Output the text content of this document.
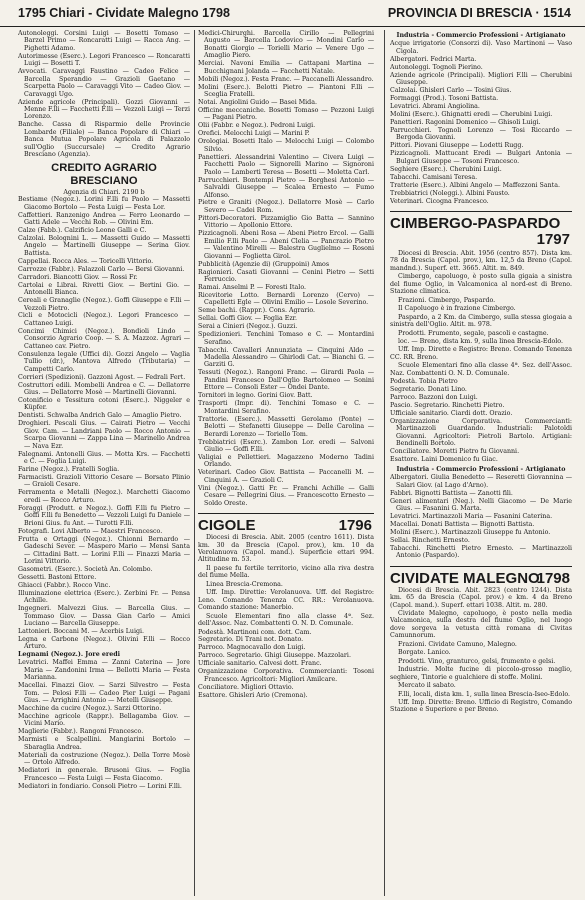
1795 Chiari - Cividate Malegno 1798	PROVINCIA DI BRESCIA · 1514

Autonoleggi. Corsini Luigi — Bosetti Tomaso — Barzel Primo — Roncaratti Luigi — Racca Ang. — Pighetti Adamo.

Autorimesse (Eserc.). Legori Francesco — Roncaratti Luigi — Bosetti T.

Avvocati. Caravaggi Faustino — Cadeo Felice — Barcella Sperandio — Grazioli Gaetano — Scarpetta Paolo — Caravaggi Vito — Cadeo Giov. — Caravaggi Ugo.

Aziende agricole (Principali). Gozzi Giovanni — Menne F.lli — Facchetti F.lli — Vezzoli Luigi — Terzi Lorenzo.

Banche. Cassa di Risparmio delle Provincie Lombarde (Filiale) — Banca Popolare di Chiari — Banca Mutua Popolare Agricola di Palazzolo sull'Oglio (Succursale) — Credito Agrario Bresciano (Agenzia).

CREDITO AGRARIO BRESCIANO

Agenzia di Chiari. 2190 b

Bestiame (Negoz.). Lorini F.lli fu Paolo — Massetti Giacomo Bortolo — Festa Luigi — Festa Lor.

Caffettieri. Ranzenigo Andrea — Ferro Leonardo — Gatti Adele — Vecchi Rob. — Olivini Em.

Calze (Fabb.). Calzificio Leone Galli e C.

Calzolai. Bolognini L. — Massetti Guido — Massetti Angelo — Martinelli Giuseppe — Serina Giov. Battista.

Cappellai. Rocca Ales. — Toricelli Vittorio.

Carrozze (Fabbr.). Falazzoli Carlo — Bersi Giovanni.

Carradori. Biancotti Giov. — Rossi Fr.

Cartolai e Librai. Rivetti Giov. — Bertini Gio. — Antonelli Bianca.

Cereali e Granaglie (Negoz.). Goffi Giuseppe e F.lli — Vezzoli Pietro.

Cicli e Motocicli (Negoz.). Legori Francesco — Cattaneo Luigi.

Concimi Chimici (Negoz.). Bondioli Lindo — Consorzio Agrario Coop. — S. A. Mazzoz. Agrari — Cattaneo cav. Pietro.

Consulenza legale (Uffici di). Gozzi Angelo — Vaglia Tullio (dr.), Mantova Alfredo (Tributaria) — Campetti Carlo.

Corrieri (Spedizioni). Gazzoni Agost. — Fedrali Fert.

Costruttori edili. Mombelli Andrea e C. — Dellatorre Gius. — Dellatorre Mosè — Martinelli Giovanni.

Cotonificio e Tessitura cotoni (Eserc.). Niggeler e Küpfer.

Dentisti. Schwalba Andrich Galo — Amaglio Pietro.

Droghieri. Pescali Gius. — Cairati Pietro — Vecchi Giov. Cam. — Landriani Paolo — Rocco Antonio — Scarpa Giovanni — Zappa Lina — Marinello Andrea — Nava Ezr.

Falegnami. Antonelli Gius. — Motta Krs. — Facchetti e C. — Foglia Luigi.

Farine (Negoz.). Fratelli Soglia.

Farmacisti. Grazioli Vittorio Cesare — Borsato Plinio — Graioli Cesare.

Ferramenta e Metalli (Negoz.). Marchetti Giacomo eredi — Rocco Arturo.

Foraggi (Produtt. e Negoz.). Goffi F.lli fu Pietro — Goffi F.lli fu Benedetto — Vezzoli Luigi fu Daniele — Brioni Gius. fu Ant. — Turotti F.lli.

Fotografi. Lovi Alberto — Maestri Francesco.

Frutta e Ortaggi (Negoz.). Chionni Bernardo — Gadeschi Sever. — Maspero Mario — Mensi Santa — Cittadini Batt. — Lorini F.lli — Finazzi Maria — Lorini Vittorio.

Gasometri. (Eserc.). Società An. Colombo.

Gessetti. Bastoni Ettore.

Ghiacci (Fabbr.). Rocco Vinc.

Illuminazione elettrica (Eserc.). Zerbini Fr. — Pensa Achille.

Ingegneri. Malvezzi Gius. — Barcella Gius. — Tommaso Giov. — Dassa Gian Carlo — Amici Luciano — Barcella Giuseppe.

Lattonieri. Boccani M. — Acerbis Luigi.

Legna e Carbone (Negoz.). Olivini F.lli — Rocco Arturo.

Legnami (Negoz.). Jore eredi

Levatrici. Maffei Emma — Zanni Caterina — Jore Maria — Zandonini Irma — Bellotti Maria — Festa Marianna.

Macellai. Finazzi Giov. — Sarzi Silvestro — Festa Tom. — Pelosi F.lli — Cadeo Pier Luigi — Pagani Gius. — Arrighini Antonio — Metelli Giuseppe.

Macchine da cucire (Negoz.). Sarzi Ottorino.

Macchine agricole (Rappr.). Bellagamba Giov. — Vicini Mario.

Maglierie (Fabbr.). Rangoni Francesco.

Marmisti e Scalpellini. Mangiarini Bortolo — Sbaraglia Andrea.

Materiali da costruzione (Negoz.). Della Torre Mosè — Ortolo Alfredo.

Mediatori in generale. Brusoni Gius. — Foglia Francesco — Festa Luigi — Festa Giacomo.

Mediatori in fondiario. Consoli Pietro — Lorini F.lli.

Medici-Chirurghi. Barcella Cirillo — Pellegrini Augusto — Barcella Lodovico — Mondini Carlo — Bonatti Giorgio — Torielli Mario — Venere Ugo — Amaglio Piero.

Merciai. Navoni Emilia — Cattapani Martina — Bucchignani Jolanda — Facchetti Natale.

Mobili (Negoz.). Festa Franc. — Paccanelli Alessandro.

Molini (Eserc.). Belotti Pietro — Piantoni F.lli — Sceglia Fratelli.

Notai. Angiolini Guido — Basei Mida.

Officine meccaniche. Bosetti Tomaso — Pezzoni Luigi — Pagani Pietro.

Olii (Fabbr. e Negoz.). Pedroni Luigi.

Orefici. Melocchi Luigi — Marini P.

Orologiai. Bosetti Italo — Melocchi Luigi — Colombo Silvio.

Panettieri. Alessandrini Valentino — Civera Luigi — Facchetti Paolo — Signorelli Marino — Signoroni Paolo — Lamberti Teresa — Bosetti — Moletta Carl.

Parrucchieri. Bontempi Pietro — Borghesi Antonio — Salvaldi Giuseppe — Scalea Ernesto — Fumo Alfonso.

Pietre e Graniti (Negoz.). Dellatorre Mosè — Carlo Severo — Cadei Rom.

Pittori-Decoratori. Pizzamiglio Gio Batta — Sannino Vittorio — Apollonio Ettore.

Pizzicagnoli. Abeni Rosa — Abeni Pietro Ercol. — Galli Emilio F.lli Paolo — Abeni Clelia — Pancrazio Pietro — Valentino Mirelli — Balestra Guglielmo — Rosoni Giovanni — Foglietta Girol.

Pubblicità (Agenzie di) (Gruppoini) Amos

Ragionieri. Casati Giovanni — Cenini Pietro — Setti Ferruccio.

Ramai. Anselmi P. — Foresti Italo.

Ricevitorie Lotto. Bernardi Lorenzo (Cervo) — Capelletti Egle — Olivini Emilio — Losole Severino.

Seme bachi. (Rappr.). Cons. Agrario.

Sellai. Goffi Giov. — Foglia Ezr.

Serai a Cinieri (Negoz.). Guzzi.

Spedizionieri. Tenchini Tomaso e C. — Montardini Serafino.

Tabacchi. Cavalleri Annunziata — Cinquini Aldo — Madella Alessandro — Ghirlodi Cat. — Bianchi G. — Garziti G.

Tessuti (Negoz.). Rangoni Franc. — Girardi Paola — Pandini Francesco Dall'Oglio Bartolomeo — Sonini Ettore — Consoli Ester — Ondei Dante.

Tornitori in legno. Gorini Giov. Batt.

Trasporti (Impr. di). Tenchini Tomaso e C. — Montardini Serafino.

Trattorie. (Eserc.). Massetti Gerolamo (Ponte) — Belotti — Stefanetti Giuseppe — Delle Carolina — Berardi Lorenzo — Toriello Tom.

Trebbiatrici (Eserc.). Zambon Lor. eredi — Salvoni Giulio — Goffi F.lli.

Valigiai e Pellettieri. Magazzeno Moderno Tadini Orlando.

Veterinari. Cadeo Giov. Battista — Paccanelli M. — Cinquini A. — Grazioli C.

Vini (Negoz.). Gatti Fr. — Franchi Achille — Galli Cesare — Pellegrini Gius. — Francescotto Ernesto — Soldo Oreste.

CIGOLE	1796

Diocesi di Brescia. Abit. 2005 (centro 1611). Dista km. 30 da Brescia (Capol. prov.), km. 10 da Verolanuova (Capol. mand.). Superficie ettari 994. Altitudine m. 53.

Il paese fu fertile territorio, vicino alla riva destra del fiume Mella.

Linea Brescia-Cremona.

Uff. Imp. Direttie: Verolanuova. Uff. del Registro: Leno. Comando Tenenza CC. RR.: Verolanuova. Comando stazione: Manerbio.

Scuole Elementari fino alla classe 4ª. Sez. dell'Assoc. Naz. Combattenti O. N. D. Comunale.

Podestà. Martinoni com. dott. Cam.

Segretario. Di Trani not. Donato.

Parroco. Magnocavallo don Luigi.

Parroco. Segretario. Ghigi Giuseppe. Mazzolari.

Ufficiale sanitario. Calvesi dott. Franc.

Organizzazione Corporativa. Commercianti: Tosoni Francesco. Agricoltori: Migliori Amilcare.

Conciliatore. Migliori Ottavio.

Esattore. Ghisleri Ario (Cremona).

Industria - Commercio Professioni - Artigianato

Acque irrigatorie (Consorzi di). Vaso Martinoni — Vaso Cigola.

Albergatori. Fedrici Marta.

Autonoleggi. Tognoli Pierino.

Aziende agricole (Principali). Migliori F.lli — Cherubini Giuseppe.

Calzolai. Ghisleri Carlo — Tosini Gius.

Formaggi (Prod.). Tosoni Battista.

Levatrici. Abrami Angiolina.

Molini (Eserc.). Ghignatti eredi — Cherubini Luigi.

Panettieri. Ragonini Domenico — Ghisoli Luigi.

Parrucchieri. Tognoli Lorenzo — Tosi Riccardo — Bergoda Giovanni.

Pittori. Piovani Giuseppe — Lodetti Rugg.

Pizzicagnoli. Mattucant Eredi — Bulgari Antonia — Bulgari Giuseppe — Tosoni Francesco.

Seghiere (Eserc.). Cherubini Luigi.

Tabacchi. Camisani Teresa.

Tratterie (Eserc.). Albini Angelo — Maffezzoni Santa.

Trebbiatrici (Noleggi.). Albini Fausto.

Veterinari. Cicogna Francesco.

CIMBERGO-PASPARDO
1797

Diocesi di Brescia. Abit. 1956 (centro 857). Dista km. 78 da Brescia (Capol. prov.), km. 12,5 da Breno (Capol. mandnd.). Superf. ett. 3665. Altit. m. 849.

Cimbergo, capoluogo, è posto sulla gigaia a sinistra del fiume Oglio, in Valcamonica al nord-est di Breno. Stazione climatica.

Frazioni. Cimbergo, Paspardo.

Il Capoluogo è in frazione Cimbergo.

Paspardo, a 2 Km. da Cimbergo, sulla stessa giogaia a sinistra dell'Oglio. Altit. m. 978.

Prodotti. Frumento, segale, pascoli e castagne.

loc. — Breno, dista km. 9, sulla linea Brescia-Edolo.

Uff. Imp. Dirette e Registro: Breno. Comando Tenenza CC. RR. Breno.

Scuole Elementari fino alla classe 4ª. Sez. dell'Assoc. Naz. Combattenti O. N. D. Comunale.

Podestà. Tobia Pietro

Segretario. Donati Lino.

Parroco. Bazzoni don Luigi.

Pascio. Segretario. Rinchetti Pietro.

Ufficiale sanitario. Ciardi dott. Orazio.

Organizzazione Corporativa. Commercianti: Martinazzoli Guardando. Industriali: Palotoldi Giovanni. Agricoltori: Pietroli Bartolo. Artigiani: Bendinelli Bortolo.

Conciliatore. Moretti Pietro fu Giovanni.

Esattore. Laini Domenico fu Giac.

Industria - Commercio Professioni - Artigianato

Albergatori. Giulia Benedetto — Reseretti Giovannina — Salari Giov. (al Lago d'Arno).

Fabbri. Bignotti Battista — Zanotti fili.

Generi alimentari (Neg.). Nelli Giacomo — De Marie Gius. — Fasanini G. Marta.

Levatrici. Martinazzoli Maria — Fasanini Caterina.

Macellai. Donati Battista — Bignotti Battista.

Molini (Eserc.). Martinazzoli Giuseppe fu Antonio.

Sellai. Rinchetti Ernesto.

Tabacchi. Rinchetti Pietro Ernesto. — Martinazzoli Antonio (Paspardo).

CIVIDATE MALEGNO
1798

Diocesi di Brescia. Abit. 2823 (centro 1244). Dista km. 65 da Brescia (Capol. prov.) e km. 4 da Breno (Capol. mand.). Superf. ettari 1038. Altit. m. 280.

Cividate Malegno, capoluogo, è posto nella media Valcamonica, sulla destra del fiume Oglio, nel luogo dove sorgeva la vetusta città romana di Civitas Camunnorum.

Frazioni. Cividate Camuno, Malegno.

Borgate. Lanico.

Prodotti. Vino, granturco, gelsi, frumento e gelsi.

Industrie. Molte fucine di piccolo-grosso maglio, seghiere, Tintorie e gualchiere di stoffe. Molini.

Mercato il sabato.

F.lli, locali, dista km. 1, sulla linea Brescia-Iseo-Edolo.

Uff. Imp. Dirette: Breno. Ufficio di Registro, Comando Stazione e Superiore e per Breno.
